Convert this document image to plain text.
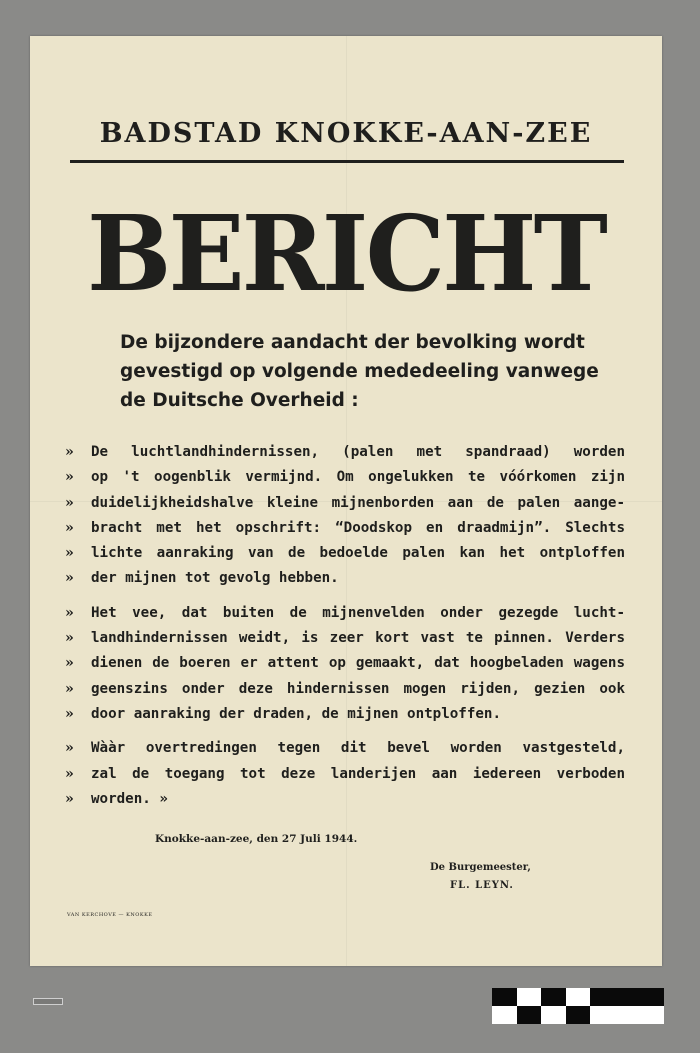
BADSTAD KNOKKE-AAN-ZEE
BERICHT
De bijzondere aandacht der bevolking wordt gevestigd op volgende mededeeling vanwege de Duitsche Overheid :
»	De luchtlandhindernissen, (palen met spandraad) worden
»	op 't oogenblik vermijnd. Om ongelukken te vóórkomen zijn
»	duidelijkheidshalve kleine mijnenborden aan de palen aange-
»	bracht met het opschrift: “Doodskop en draadmijn”. Slechts
»	lichte aanraking van de bedoelde palen kan het ontploffen
»	der mijnen tot gevolg hebben.
»	Het vee, dat buiten de mijnenvelden onder gezegde lucht-
»	landhindernissen weidt, is zeer kort vast te pinnen. Verders
»	dienen de boeren er attent op gemaakt, dat hoogbeladen wagens
»	geenszins onder deze hindernissen mogen rijden, gezien ook
»	door aanraking der draden, de mijnen ontploffen.
»	Wààr overtredingen tegen dit bevel worden vastgesteld,
»	zal de toegang tot deze landerijen aan iedereen verboden
»	worden. »
Knokke-aan-zee, den 27 Juli 1944.
De Burgemeester,
FL. LEYN.
VAN KERCHOVE — KNOKKE
